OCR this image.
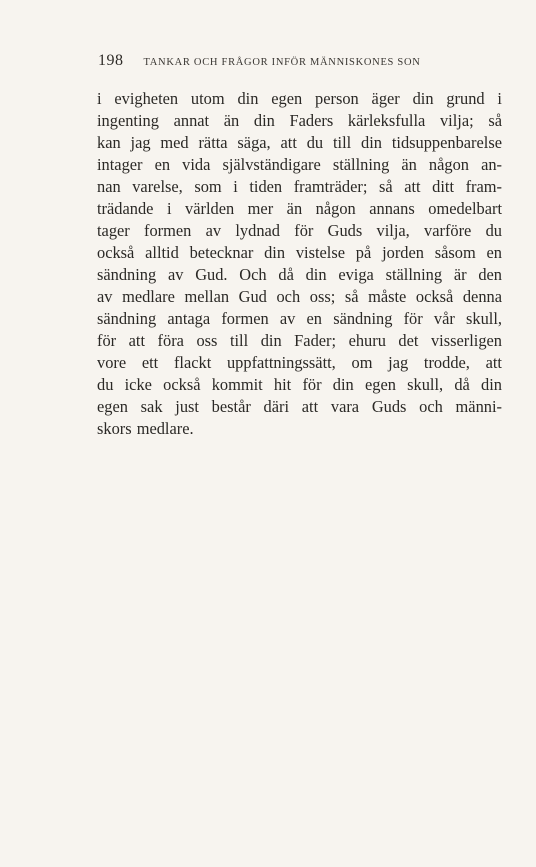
198 TANKAR OCH FRÅGOR INFÖR MÄNNISKONES SON
i evigheten utom din egen person äger din grund i
ingenting annat än din Faders kärleksfulla vilja; så
kan jag med rätta säga, att du till din tidsuppenbarelse
intager en vida självständigare ställning än någon an-
nan varelse, som i tiden framträder; så att ditt fram-
trädande i världen mer än någon annans omedelbart
tager formen av lydnad för Guds vilja, varföre du
också alltid betecknar din vistelse på jorden såsom en
sändning av Gud. Och då din eviga ställning är den
av medlare mellan Gud och oss; så måste också denna
sändning antaga formen av en sändning för vår skull,
för att föra oss till din Fader; ehuru det visserligen
vore ett flackt uppfattningssätt, om jag trodde, att
du icke också kommit hit för din egen skull, då din
egen sak just består däri att vara Guds och männi-
skors medlare.
